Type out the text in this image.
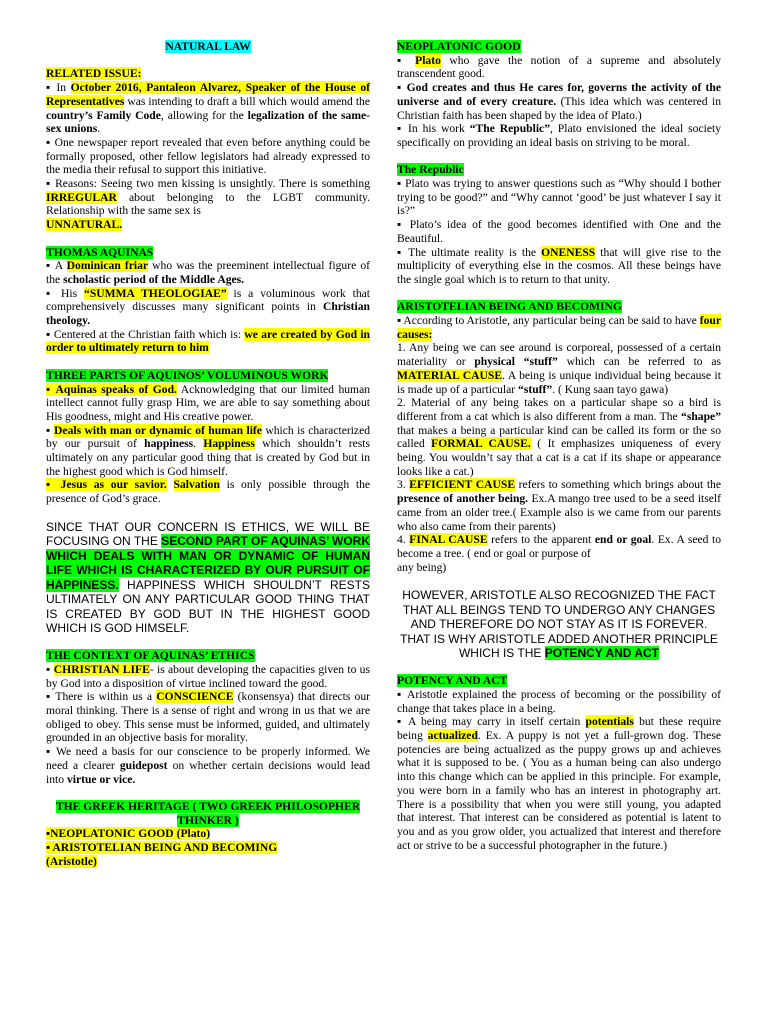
NATURAL LAW

RELATED ISSUE:

▪ In October 2016, Pantaleon Alvarez, Speaker of the House of Representatives was intending to draft a bill which would amend the country’s Family Code, allowing for the legalization of the same-sex unions.

▪ One newspaper report revealed that even before anything could be formally proposed, other fellow legislators had already expressed to the media their refusal to support this initiative.

▪ Reasons: Seeing two men kissing is unsightly. There is something IRREGULAR about belonging to the LGBT community. Relationship with the same sex is

UNNATURAL.

THOMAS AQUINAS

▪ A Dominican friar who was the preeminent intellectual figure of the scholastic period of the Middle Ages.

▪ His “SUMMA THEOLOGIAE” is a voluminous work that comprehensively discusses many significant points in Christian theology.

▪ Centered at the Christian faith which is: we are created by God in order to ultimately return to him

THREE PARTS OF AQUINOS’ VOLUMINOUS WORK

▪ Aquinas speaks of God. Acknowledging that our limited human intellect cannot fully grasp Him, we are able to say something about His goodness, might and His creative power.

▪ Deals with man or dynamic of human life which is characterized by our pursuit of happiness. Happiness which shouldn’t rests ultimately on any particular good thing that is created by God but in the highest good which is God himself.

▪ Jesus as our savior. Salvation is only possible through the presence of God’s grace.

SINCE THAT OUR CONCERN IS ETHICS, WE WILL BE FOCUSING ON THE SECOND PART OF AQUINAS’ WORK WHICH DEALS WITH MAN OR DYNAMIC OF HUMAN LIFE WHICH IS CHARACTERIZED BY OUR PURSUIT OF HAPPINESS. HAPPINESS WHICH SHOULDN’T RESTS ULTIMATELY ON ANY PARTICULAR GOOD THING THAT IS CREATED BY GOD BUT IN THE HIGHEST GOOD WHICH IS GOD HIMSELF.

THE CONTEXT OF AQUINAS’ ETHICS

▪ CHRISTIAN LIFE- is about developing the capacities given to us by God into a disposition of virtue inclined toward the good.

▪ There is within us a CONSCIENCE (konsensya) that directs our moral thinking. There is a sense of right and wrong in us that we are obliged to obey. This sense must be informed, guided, and ultimately grounded in an objective basis for morality.

▪ We need a basis for our conscience to be properly informed. We need a clearer guidepost on whether certain decisions would lead into virtue or vice.

THE GREEK HERITAGE ( TWO GREEK PHILOSOPHER THINKER )

▪NEOPLATONIC GOOD (Plato)

▪ ARISTOTELIAN BEING AND BECOMING
(Aristotle)

NEOPLATONIC GOOD

▪ Plato who gave the notion of a supreme and absolutely transcendent good.

▪ God creates and thus He cares for, governs the activity of the universe and of every creature. (This idea which was centered in Christian faith has been shaped by the idea of Plato.)

▪ In his work “The Republic”, Plato envisioned the ideal society specifically on providing an ideal basis on striving to be moral.

The Republic

▪ Plato was trying to answer questions such as “Why should I bother trying to be good?” and “Why cannot ‘good’ be just whatever I say it is?”

▪ Plato’s idea of the good becomes identified with One and the Beautiful.

▪ The ultimate reality is the ONENESS that will give rise to the multiplicity of everything else in the cosmos. All these beings have the single goal which is to return to that unity.

ARISTOTELIAN BEING AND BECOMING

▪ According to Aristotle, any particular being can be said to have four causes:

1. Any being we can see around is corporeal, possessed of a certain materiality or physical “stuff” which can be referred to as MATERIAL CAUSE. A being is unique individual being because it is made up of a particular “stuff”. ( Kung saan tayo gawa)

2. Material of any being takes on a particular shape so a bird is different from a cat which is also different from a man. The “shape” that makes a being a particular kind can be called its form or the so called FORMAL CAUSE. ( It emphasizes uniqueness of every being. You wouldn’t say that a cat is a cat if its shape or appearance looks like a cat.)

3. EFFICIENT CAUSE refers to something which brings about the presence of another being. Ex.A mango tree used to be a seed itself came from an older tree.( Example also is we came from our parents who also came from their parents)

4. FINAL CAUSE refers to the apparent end or goal. Ex. A seed to become a tree. ( end or goal or purpose of
any being)

HOWEVER, ARISTOTLE ALSO RECOGNIZED THE FACT THAT ALL BEINGS TEND TO UNDERGO ANY CHANGES AND THEREFORE DO NOT STAY AS IT IS FOREVER. THAT IS WHY ARISTOTLE ADDED ANOTHER PRINCIPLE WHICH IS THE POTENCY AND ACT

POTENCY AND ACT

▪ Aristotle explained the process of becoming or the possibility of change that takes place in a being.

▪ A being may carry in itself certain potentials but these require being actualized. Ex. A puppy is not yet a full-grown dog. These potencies are being actualized as the puppy grows up and achieves what it is supposed to be. ( You as a human being can also undergo into this change which can be applied in this principle. For example, you were born in a family who has an interest in photography art. There is a possibility that when you were still young, you adapted that interest. That interest can be considered as potential is latent to you and as you grow older, you actualized that interest and therefore act or strive to be a successful photographer in the future.)
